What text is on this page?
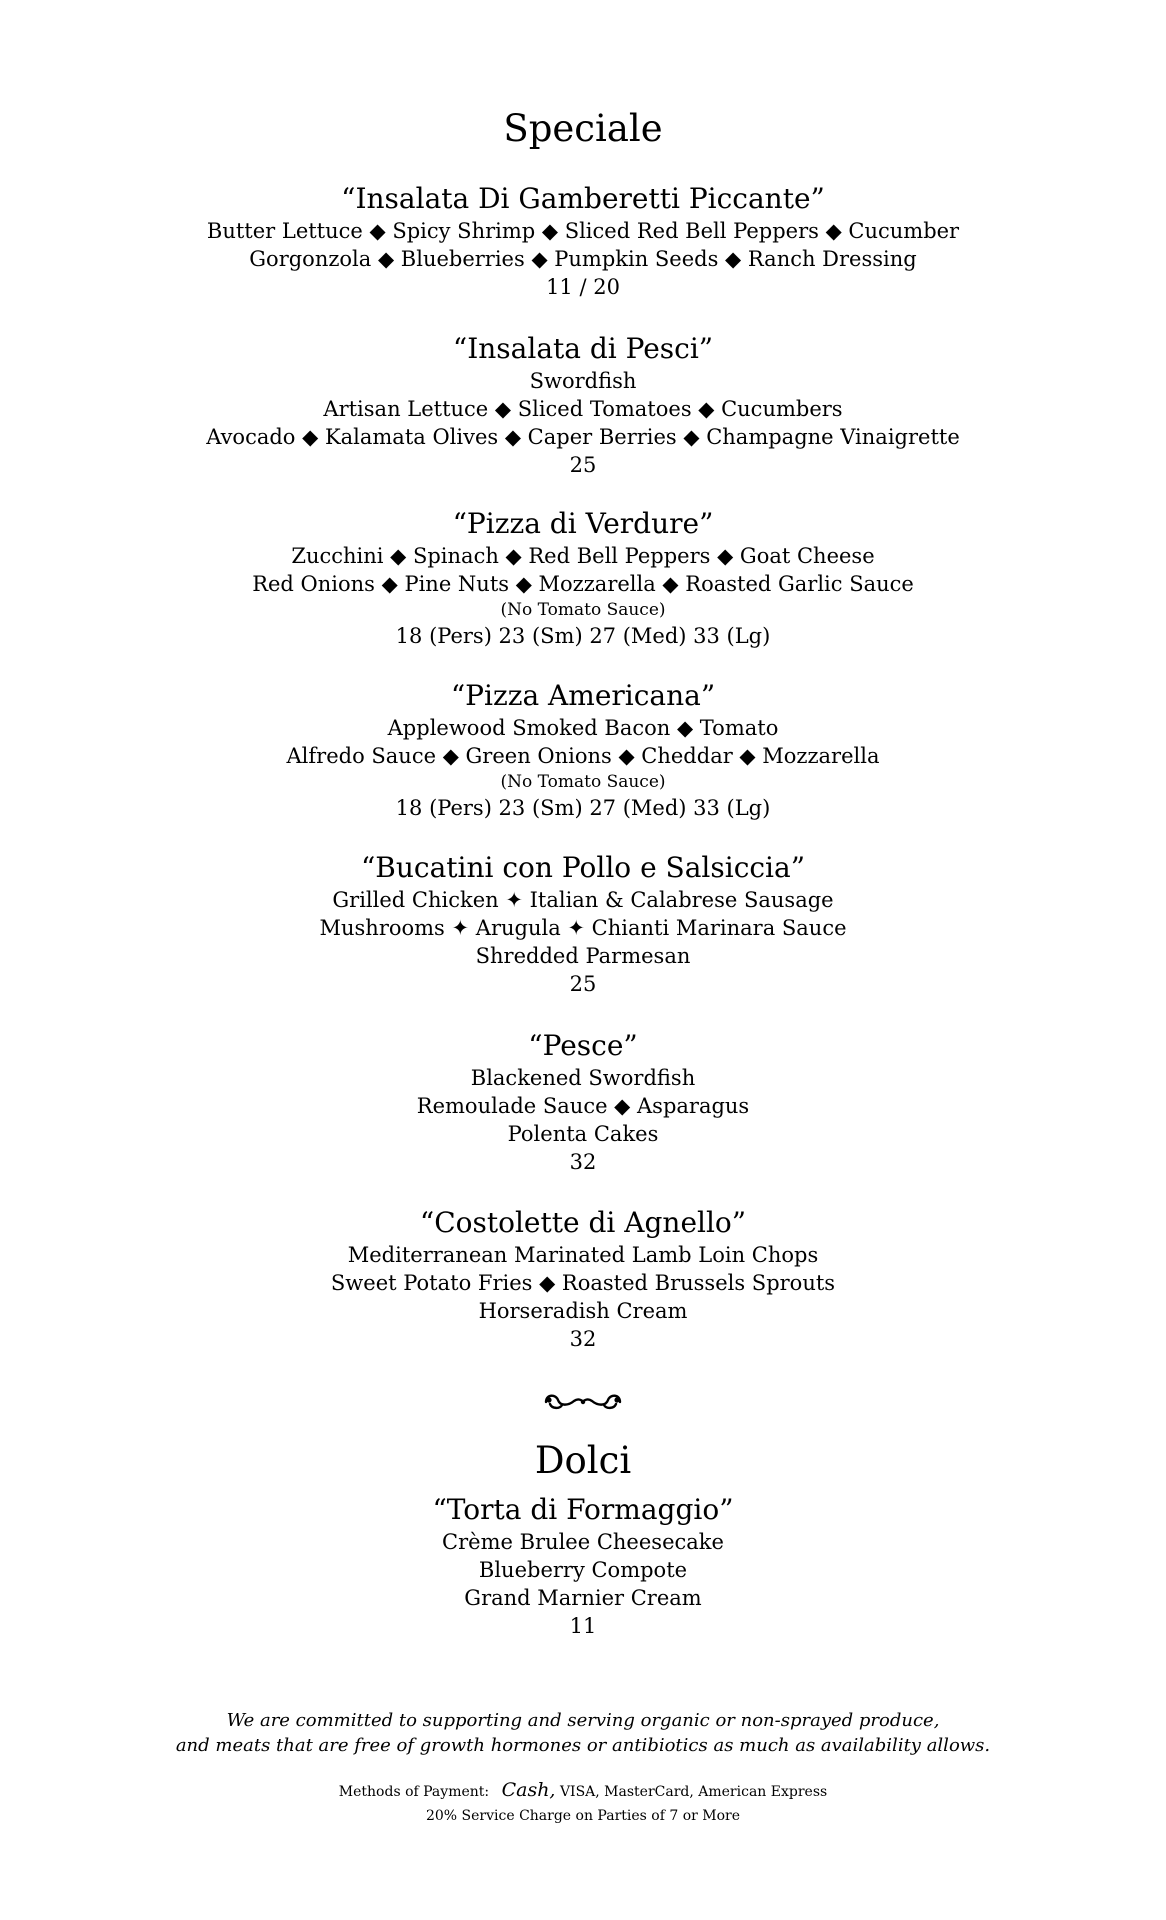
Speciale
“Insalata Di Gamberetti Piccante”
Butter Lettuce ◆ Spicy Shrimp ◆ Sliced Red Bell Peppers ◆ Cucumber
Gorgonzola ◆ Blueberries ◆ Pumpkin Seeds ◆ Ranch Dressing
11 / 20
“Insalata di Pesci”
Swordfish
Artisan Lettuce ◆ Sliced Tomatoes ◆ Cucumbers
Avocado ◆ Kalamata Olives ◆ Caper Berries ◆ Champagne Vinaigrette
25
“Pizza di Verdure”
Zucchini ◆ Spinach ◆ Red Bell Peppers ◆ Goat Cheese
Red Onions ◆ Pine Nuts ◆ Mozzarella ◆ Roasted Garlic Sauce
(No Tomato Sauce)
18 (Pers) 23 (Sm) 27 (Med) 33 (Lg)
“Pizza Americana”
Applewood Smoked Bacon ◆ Tomato
Alfredo Sauce ◆ Green Onions ◆ Cheddar ◆ Mozzarella
(No Tomato Sauce)
18 (Pers) 23 (Sm) 27 (Med) 33 (Lg)
“Bucatini con Pollo e Salsiccia”
Grilled Chicken ✦ Italian & Calabrese Sausage
Mushrooms ✦ Arugula ✦ Chianti Marinara Sauce
Shredded Parmesan
25
“Pesce”
Blackened Swordfish
Remoulade Sauce ◆ Asparagus
Polenta Cakes
32
“Costolette di Agnello”
Mediterranean Marinated Lamb Loin Chops
Sweet Potato Fries ◆ Roasted Brussels Sprouts
Horseradish Cream
32
Dolci
“Torta di Formaggio”
Crème Brulee Cheesecake
Blueberry Compote
Grand Marnier Cream
11
We are committed to supporting and serving organic or non-sprayed produce,
and meats that are free of growth hormones or antibiotics as much as availability allows.
Methods of Payment: Cash, VISA, MasterCard, American Express
20% Service Charge on Parties of 7 or More
